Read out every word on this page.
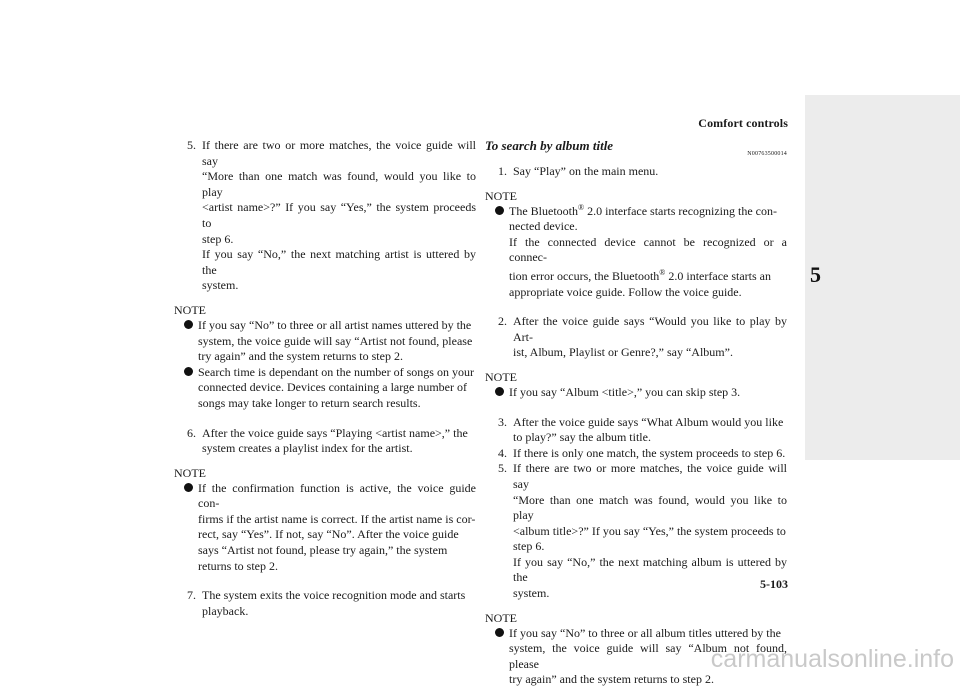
5
Comfort controls
5. If there are two or more matches, the voice guide will say

“More than one match was found, would you like to play

<artist name>?” If you say “Yes,” the system proceeds to

step 6.

If you say “No,” the next matching artist is uttered by the

system.

NOTE

If you say “No” to three or all artist names uttered by the

system, the voice guide will say “Artist not found, please

try again” and the system returns to step 2.

Search time is dependant on the number of songs on your

connected device. Devices containing a large number of

songs may take longer to return search results.

6. After the voice guide says “Playing <artist name>,” the

system creates a playlist index for the artist.

NOTE

If the confirmation function is active, the voice guide con-

firms if the artist name is correct. If the artist name is cor-

rect, say “Yes”. If not, say “No”. After the voice guide

says “Artist not found, please try again,” the system

returns to step 2.

7. The system exits the voice recognition mode and starts

playback.

To search by album title
N00763500014

1. Say “Play” on the main menu.

NOTE

The Bluetooth® 2.0 interface starts recognizing the con-

nected device.

If the connected device cannot be recognized or a connec-

tion error occurs, the Bluetooth® 2.0 interface starts an

appropriate voice guide. Follow the voice guide.

2. After the voice guide says “Would you like to play by Art-

ist, Album, Playlist or Genre?,” say “Album”.

NOTE

If you say “Album <title>,” you can skip step 3.

3. After the voice guide says “What Album would you like

to play?” say the album title.

4. If there is only one match, the system proceeds to step 6.

5. If there are two or more matches, the voice guide will say

“More than one match was found, would you like to play

<album title>?” If you say “Yes,” the system proceeds to

step 6.

If you say “No,” the next matching album is uttered by the

system.

NOTE

If you say “No” to three or all album titles uttered by the

system, the voice guide will say “Album not found, please

try again” and the system returns to step 2.

5-103
carmanualsonline.info
